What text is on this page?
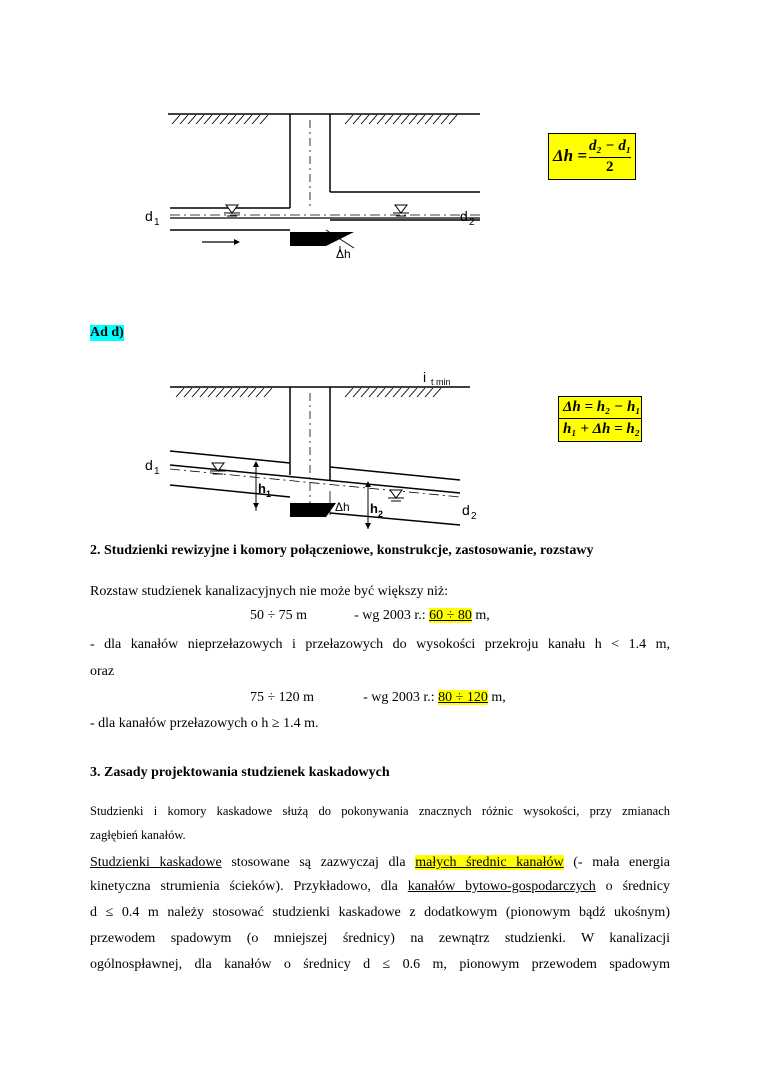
d 1	d 2
Δh
Δh = d₂ − d₁
2
Ad d)
i t min
d 1
d 2
h 1
h 2
Δh
Δh = h₂ − h₁
h₁ + Δh = h₂
2. Studzienki rewizyjne i komory połączeniowe, konstrukcje, zastosowanie, rozstawy
Rozstaw studzienek kanalizacyjnych nie może być większy niż:
50 ÷ 75 m	- wg 2003 r.: 60 ÷ 80 m,
- dla kanałów nieprzełazowych i przełazowych do wysokości przekroju kanału h < 1.4 m,
oraz
75 ÷ 120 m	- wg 2003 r.: 80 ÷ 120 m,
- dla kanałów przełazowych o h ≥ 1.4 m.
3. Zasady projektowania studzienek kaskadowych
Studzienki i komory kaskadowe służą do pokonywania znacznych różnic wysokości, przy zmianach
zagłębień kanałów.
Studzienki kaskadowe stosowane są zazwyczaj dla małych średnic kanałów (- mała energia
kinetyczna strumienia ścieków). Przykładowo, dla kanałów bytowo-gospodarczych o średnicy
d ≤ 0.4 m należy stosować studzienki kaskadowe z dodatkowym (pionowym bądź ukośnym)
przewodem spadowym (o mniejszej średnicy) na zewnątrz studzienki. W kanalizacji
ogólnospławnej, dla kanałów o średnicy d ≤ 0.6 m, pionowym przewodem spadowym
